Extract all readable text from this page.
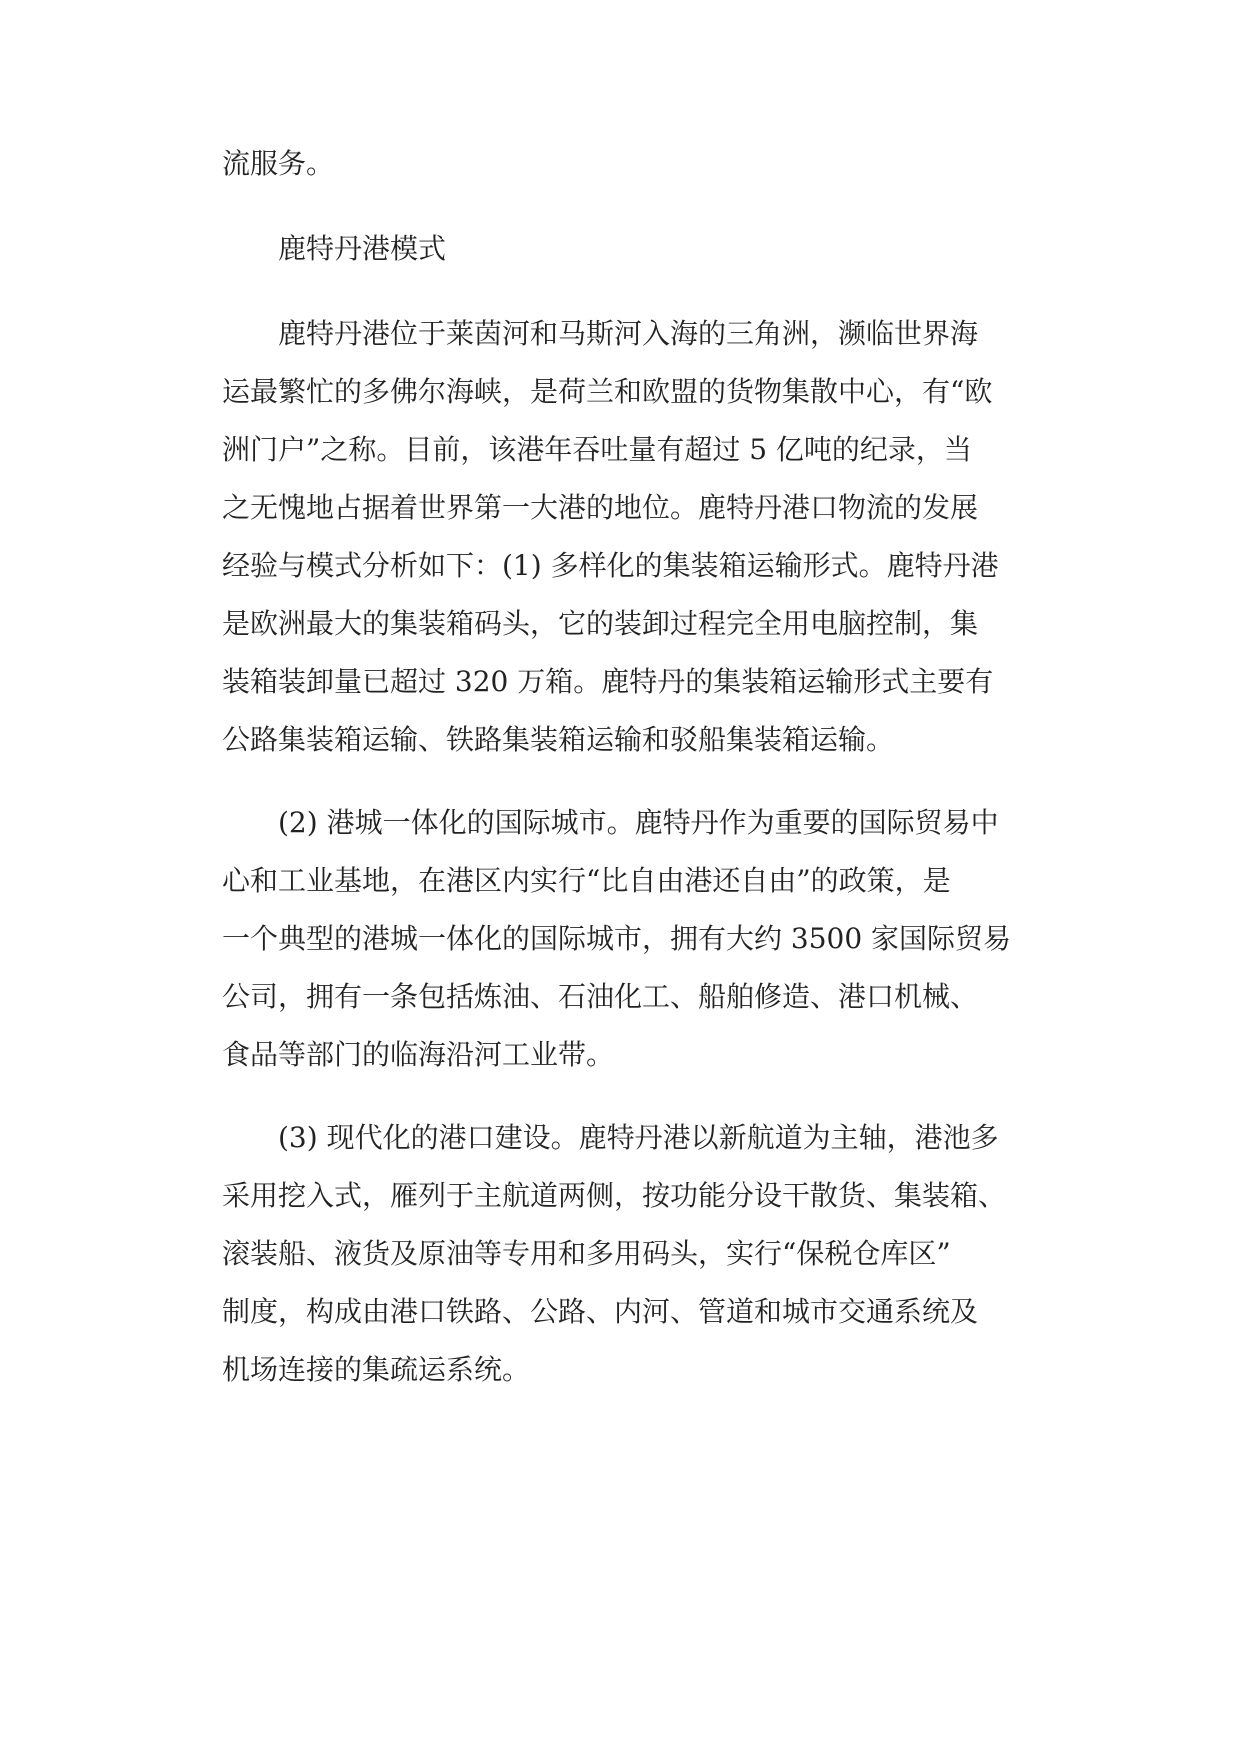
流服务。
鹿特丹港模式
鹿特丹港位于莱茵河和马斯河入海的三角洲，濒临世界海
运最繁忙的多佛尔海峡，是荷兰和欧盟的货物集散中心，有“欧
洲门户”之称。目前，该港年吞吐量有超过 5 亿吨的纪录，当
之无愧地占据着世界第一大港的地位。鹿特丹港口物流的发展
经验与模式分析如下：(1) 多样化的集装箱运输形式。鹿特丹港
是欧洲最大的集装箱码头，它的装卸过程完全用电脑控制，集
装箱装卸量已超过 320 万箱。鹿特丹的集装箱运输形式主要有
公路集装箱运输、铁路集装箱运输和驳船集装箱运输。
(2) 港城一体化的国际城市。鹿特丹作为重要的国际贸易中
心和工业基地，在港区内实行“比自由港还自由”的政策，是
一个典型的港城一体化的国际城市，拥有大约 3500 家国际贸易
公司，拥有一条包括炼油、石油化工、船舶修造、港口机械、
食品等部门的临海沿河工业带。
(3) 现代化的港口建设。鹿特丹港以新航道为主轴，港池多
采用挖入式，雁列于主航道两侧，按功能分设干散货、集装箱、
滚装船、液货及原油等专用和多用码头，实行“保税仓库区”
制度，构成由港口铁路、公路、内河、管道和城市交通系统及
机场连接的集疏运系统。
